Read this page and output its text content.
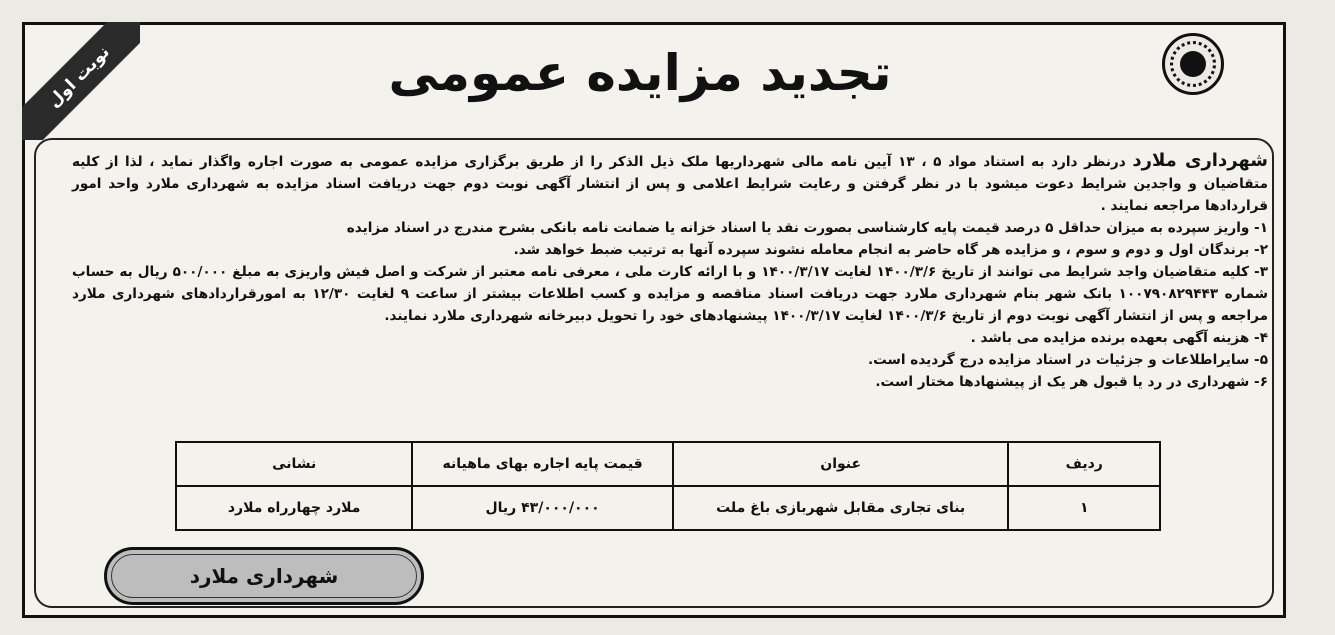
نوبت اول	تجدید مزایده عمومی

شهرداری ملارد درنظر دارد به استناد مواد ۵ ، ۱۳ آیین نامه مالی شهرداریها ملک ذیل الذکر را از طریق برگزاری مزایده عمومی به صورت اجاره واگذار نماید ، لذا از کلیه متقاضیان و واجدین شرایط دعوت میشود با در نظر گرفتن و رعایت شرایط اعلامی و پس از انتشار آگهی نوبت دوم جهت دریافت اسناد مزایده به شهرداری ملارد واحد امور قراردادها مراجعه نمایند .

۱- واریز سپرده به میزان حداقل ۵ درصد قیمت پایه کارشناسی بصورت نقد یا اسناد خزانه یا ضمانت نامه بانکی بشرح مندرج در اسناد مزایده

۲- برندگان اول و دوم و سوم ، و مزایده هر گاه حاضر به انجام معامله نشوند سپرده آنها به ترتیب ضبط خواهد شد.

۳- کلیه متقاضیان واجد شرایط می توانند از تاریخ ۱۴۰۰/۳/۶ لغایت ۱۴۰۰/۳/۱۷ و با ارائه کارت ملی ، معرفی نامه معتبر از شرکت و اصل فیش واریزی به مبلغ ۵۰۰/۰۰۰ ریال به حساب شماره ۱۰۰۷۹۰۸۲۹۴۴۳ بانک شهر بنام شهرداری ملارد جهت دریافت اسناد مناقصه و مزایده و کسب اطلاعات بیشتر از ساعت ۹ لغایت ۱۲/۳۰ به امورقراردادهای شهرداری ملارد مراجعه و پس از انتشار آگهی نوبت دوم از تاریخ ۱۴۰۰/۳/۶ لغایت ۱۴۰۰/۳/۱۷ پیشنهادهای خود را تحویل دبیرخانه شهرداری ملارد نمایند.

۴- هزینه آگهی بعهده برنده مزایده می باشد .

۵- سایراطلاعات و جزئیات در اسناد مزایده درج گردیده است.

۶- شهرداری در رد یا قبول هر یک از پیشنهادها مختار است.

ردیف	عنوان	قیمت پایه اجاره بهای ماهیانه	نشانی
۱	بنای تجاری مقابل شهربازی باغ ملت	۴۳/۰۰۰/۰۰۰ ریال	ملارد چهارراه ملارد
شهرداری ملارد
